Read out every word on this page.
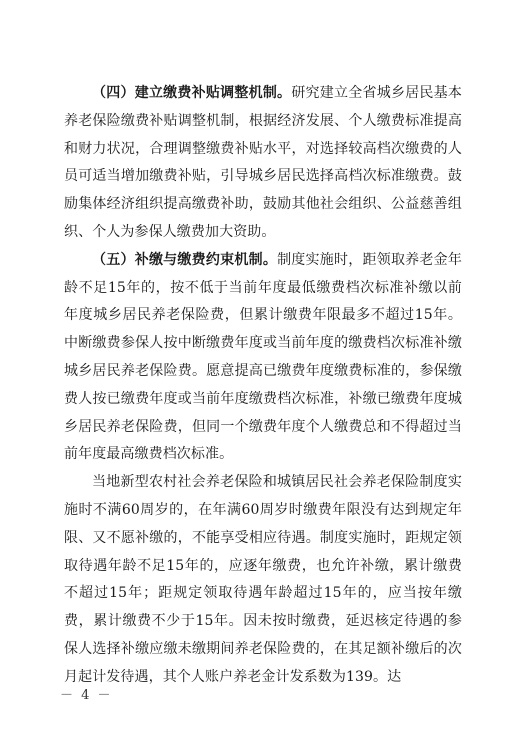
（四）建立缴费补贴调整机制。研究建立全省城乡居民基本养老保险缴费补贴调整机制，根据经济发展、个人缴费标准提高和财力状况，合理调整缴费补贴水平，对选择较高档次缴费的人员可适当增加缴费补贴，引导城乡居民选择高档次标准缴费。鼓励集体经济组织提高缴费补助，鼓励其他社会组织、公益慈善组织、个人为参保人缴费加大资助。

（五）补缴与缴费约束机制。制度实施时，距领取养老金年龄不足15年的，按不低于当前年度最低缴费档次标准补缴以前年度城乡居民养老保险费，但累计缴费年限最多不超过15年。中断缴费参保人按中断缴费年度或当前年度的缴费档次标准补缴城乡居民养老保险费。愿意提高已缴费年度缴费标准的，参保缴费人按已缴费年度或当前年度缴费档次标准，补缴已缴费年度城乡居民养老保险费，但同一个缴费年度个人缴费总和不得超过当前年度最高缴费档次标准。

当地新型农村社会养老保险和城镇居民社会养老保险制度实施时不满60周岁的，在年满60周岁时缴费年限没有达到规定年限、又不愿补缴的，不能享受相应待遇。制度实施时，距规定领取待遇年龄不足15年的，应逐年缴费，也允许补缴，累计缴费不超过15年；距规定领取待遇年龄超过15年的，应当按年缴费，累计缴费不少于15年。因未按时缴费，延迟核定待遇的参保人选择补缴应缴未缴期间养老保险费的，在其足额补缴后的次月起计发待遇，其个人账户养老金计发系数为139。达

－ 4 －
